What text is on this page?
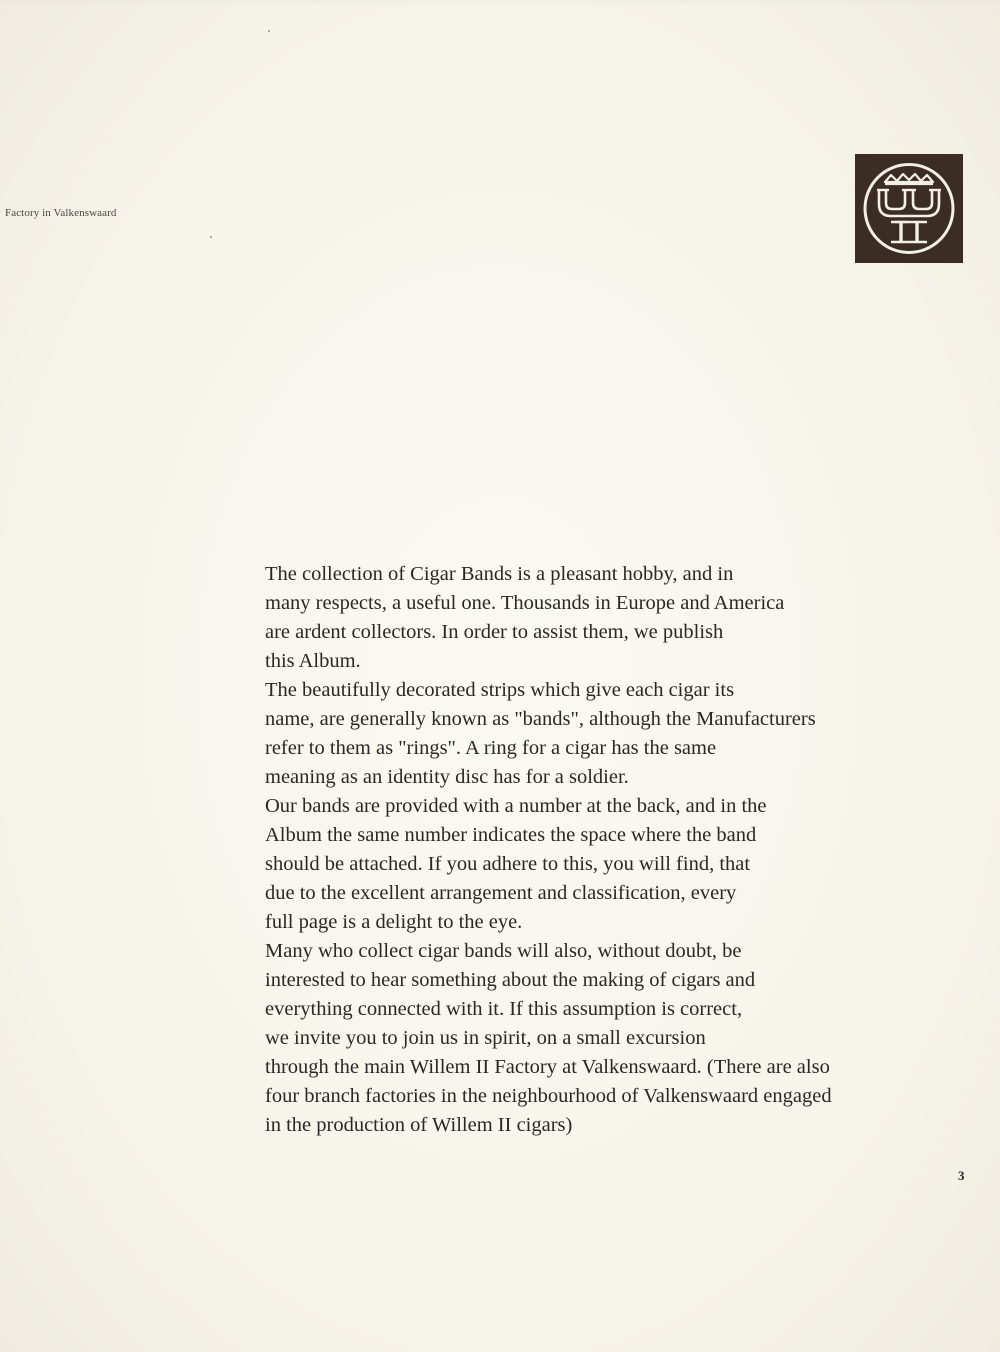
Factory in Valkenswaard

The collection of Cigar Bands is a pleasant hobby, and in
many respects, a useful one. Thousands in Europe and America
are ardent collectors. In order to assist them, we publish
this Album.
The beautifully decorated strips which give each cigar its
name, are generally known as "bands", although the Manufacturers
refer to them as "rings". A ring for a cigar has the same
meaning as an identity disc has for a soldier.
Our bands are provided with a number at the back, and in the
Album the same number indicates the space where the band
should be attached. If you adhere to this, you will find, that
due to the excellent arrangement and classification, every
full page is a delight to the eye.
Many who collect cigar bands will also, without doubt, be
interested to hear something about the making of cigars and
everything connected with it. If this assumption is correct,
we invite you to join us in spirit, on a small excursion
through the main Willem II Factory at Valkenswaard. (There are also
four branch factories in the neighbourhood of Valkenswaard engaged
in the production of Willem II cigars)

3
